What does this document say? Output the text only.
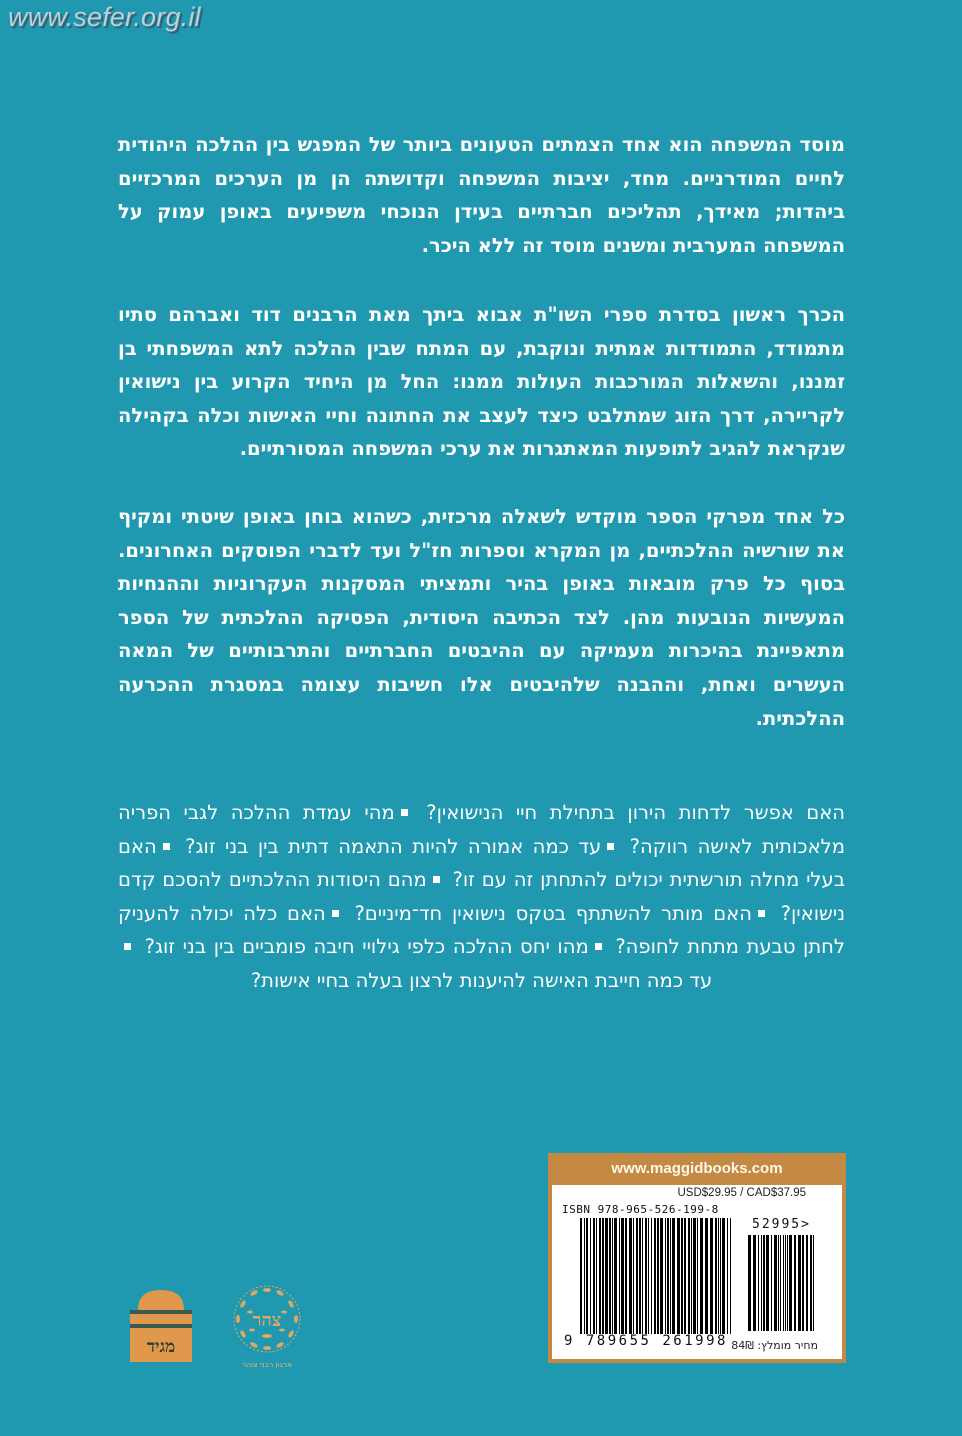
www.sefer.org.il

מוסד המשפחה הוא אחד הצמתים הטעונים ביותר של המפגש בין ההלכה היהודית לחיים המודרניים. מחד, יציבות המשפחה וקדושתה הן מן הערכים המרכזיים ביהדות; מאידך, תהליכים חברתיים בעידן הנוכחי משפיעים באופן עמוק על המשפחה המערבית ומשנים מוסד זה ללא היכר.

הכרך ראשון בסדרת ספרי השו"ת אבוא ביתך מאת הרבנים דוד ואברהם סתיו מתמודד, התמודדות אמתית ונוקבת, עם המתח שבין ההלכה לתא המשפחתי בן זמננו, והשאלות המורכבות העולות ממנו: החל מן היחיד הקרוע בין נישואין לקריירה, דרך הזוג שמתלבט כיצד לעצב את החתונה וחיי האישות וכלה בקהילה שנקראת להגיב לתופעות המאתגרות את ערכי המשפחה המסורתיים.

כל אחד מפרקי הספר מוקדש לשאלה מרכזית, כשהוא בוחן באופן שיטתי ומקיף את שורשיה ההלכתיים, מן המקרא וספרות חז"ל ועד לדברי הפוסקים האחרונים. בסוף כל פרק מובאות באופן בהיר ותמציתי המסקנות העקרוניות וההנחיות המעשיות הנובעות מהן. לצד הכתיבה היסודית, הפסיקה ההלכתית של הספר מתאפיינת בהיכרות מעמיקה עם ההיבטים החברתיים והתרבותיים של המאה העשרים ואחת, וההבנה שלהיבטים אלו חשיבות עצומה במסגרת ההכרעה ההלכתית.

האם אפשר לדחות הירון בתחילת חיי הנישואין? מהי עמדת ההלכה לגבי הפריה מלאכותית לאישה רווקה? עד כמה אמורה להיות התאמה דתית בין בני זוג? האם בעלי מחלה תורשתית יכולים להתחתן זה עם זו? מהם היסודות ההלכתיים להסכם קדם נישואין? האם מותר להשתתף בטקס נישואין חד־מיניים? האם כלה יכולה להעניק לחתן טבעת מתחת לחופה? מהו יחס ההלכה כלפי גילויי חיבה פומביים בין בני זוג? עד כמה חייבת האישה להיענות לרצון בעלה בחיי אישות?

www.maggidbooks.com
USD$29.95 / CAD$37.95
ISBN 978-965-526-199-8
52995>
9 789655 261998 מחיר מומלץ: 84₪
מגיד
צהר
ארגון רבני צוהר
